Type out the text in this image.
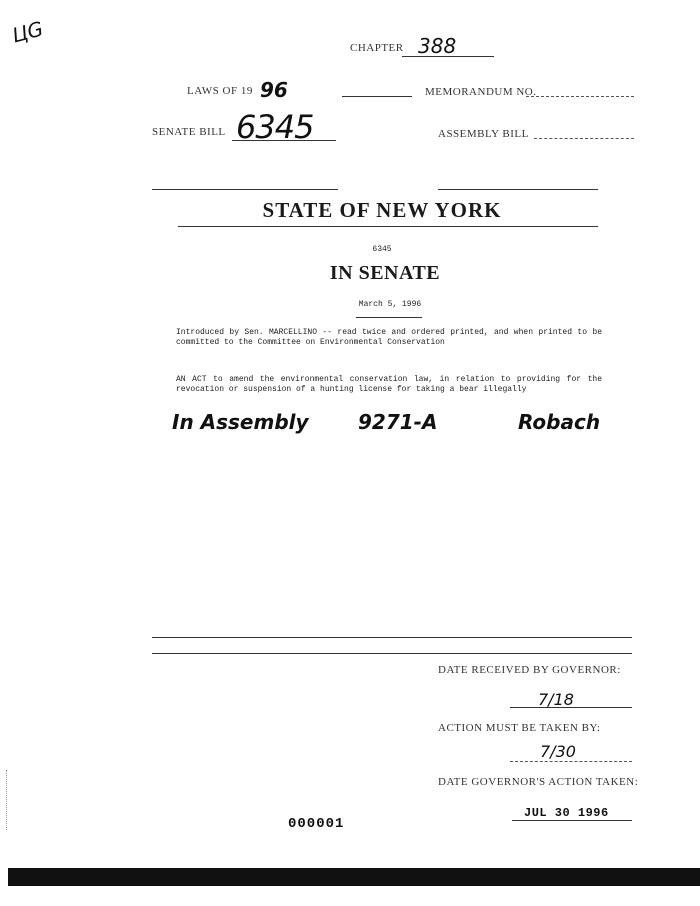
ЦG
CHAPTER 388
LAWS OF 19 96	MEMORANDUM NO.
SENATE BILL 6345	ASSEMBLY BILL
STATE OF NEW YORK
6345
IN SENATE
March 5, 1996
Introduced by Sen. MARCELLINO -- read twice and ordered printed, and when printed to be committed to the Committee on Environmental Conservation
AN ACT to amend the environmental conservation law, in relation to providing for the revocation or suspension of a hunting license for taking a bear illegally
In Assembly 9271-A	Robach
DATE RECEIVED BY GOVERNOR:
7/18
ACTION MUST BE TAKEN BY:
7/30
DATE GOVERNOR'S ACTION TAKEN:
JUL 30 1996
000001
